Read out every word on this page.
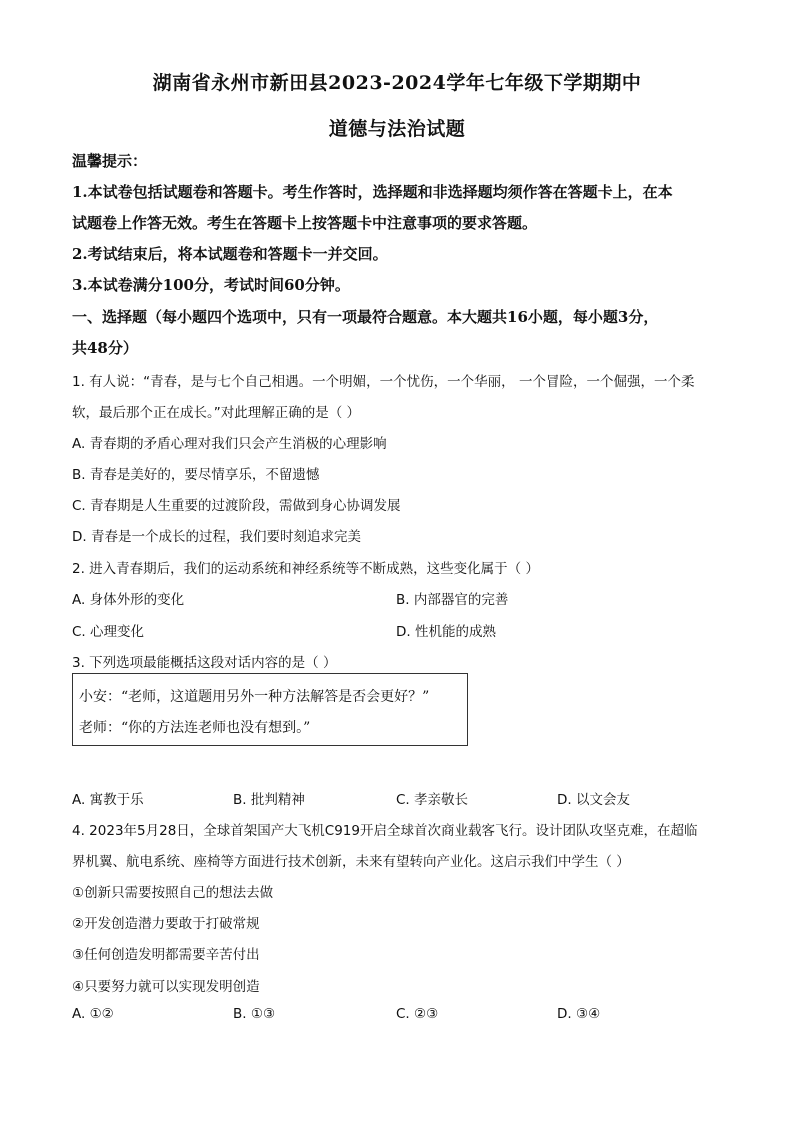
湖南省永州市新田县2023-2024学年七年级下学期期中
道德与法治试题
温馨提示：
1.本试卷包括试题卷和答题卡。考生作答时，选择题和非选择题均须作答在答题卡上，在本
试题卷上作答无效。考生在答题卡上按答题卡中注意事项的要求答题。
2.考试结束后，将本试题卷和答题卡一并交回。
3.本试卷满分100分，考试时间60分钟。
一、选择题（每小题四个选项中，只有一项最符合题意。本大题共16小题，每小题3分，
共48分）
1. 有人说：“青春，是与七个自己相遇。一个明媚，一个忧伤，一个华丽， 一个冒险，一个倔强，一个柔
软，最后那个正在成长。”对此理解正确的是（ ）
A. 青春期的矛盾心理对我们只会产生消极的心理影响
B. 青春是美好的，要尽情享乐，不留遗憾
C. 青春期是人生重要的过渡阶段，需做到身心协调发展
D. 青春是一个成长的过程，我们要时刻追求完美
2. 进入青春期后，我们的运动系统和神经系统等不断成熟，这些变化属于（ ）
A. 身体外形的变化	B. 内部器官的完善
C. 心理变化	D. 性机能的成熟
3. 下列选项最能概括这段对话内容的是（ ）
小安：“老师，这道题用另外一种方法解答是否会更好？”
老师：“你的方法连老师也没有想到。”
A. 寓教于乐	B. 批判精神	C. 孝亲敬长	D. 以文会友
4. 2023年5月28日，全球首架国产大飞机C919开启全球首次商业载客飞行。设计团队攻坚克难，在超临
界机翼、航电系统、座椅等方面进行技术创新，未来有望转向产业化。这启示我们中学生（ ）
①创新只需要按照自己的想法去做
②开发创造潜力要敢于打破常规
③任何创造发明都需要辛苦付出
④只要努力就可以实现发明创造
A. ①②	B. ①③	C. ②③	D. ③④
